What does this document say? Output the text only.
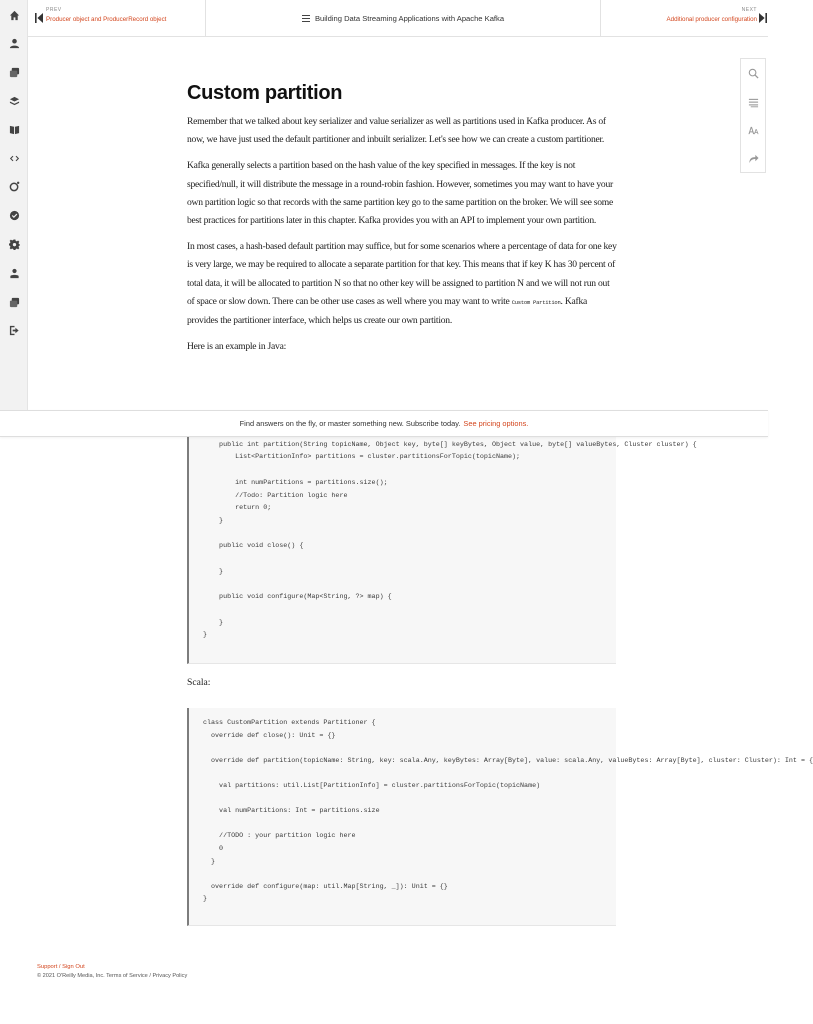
PREV
Producer object and ProducerRecord object	Building Data Streaming Applications with Apache Kafka
NEXT
Additional producer configuration
Custom partition

Remember that we talked about key serializer and value serializer as well as partitions used in Kafka producer. As of now, we have just used the default partitioner and inbuilt serializer. Let's see how we can create a custom partitioner.

Kafka generally selects a partition based on the hash value of the key specified in messages. If the key is not specified/null, it will distribute the message in a round-robin fashion. However, sometimes you may want to have your own partition logic so that records with the same partition key go to the same partition on the broker. We will see some best practices for partitions later in this chapter. Kafka provides you with an API to implement your own partition.

In most cases, a hash-based default partition may suffice, but for some scenarios where a percentage of data for one key is very large, we may be required to allocate a separate partition for that key. This means that if key K has 30 percent of total data, it will be allocated to partition N so that no other key will be assigned to partition N and we will not run out of space or slow down. There can be other use cases as well where you may want to write Custom Partition. Kafka provides the partitioner interface, which helps us create our own partition.

Here is an example in Java:

Find answers on the fly, or master something new. Subscribe today. See pricing options.

public int partition(String topicName, Object key, byte[] keyBytes, Object value, byte[] valueBytes, Cluster cluster) {
List<PartitionInfo> partitions = cluster.partitionsForTopic(topicName);

int numPartitions = partitions.size();
//Todo: Partition logic here
return 0;
}

public void close() {

}

public void configure(Map<String, ?> map) {

}
}
Scala:
class CustomPartition extends Partitioner {
override def close(): Unit = {}

override def partition(topicName: String, key: scala.Any, keyBytes: Array[Byte], value: scala.Any, valueBytes: Array[Byte], cluster: Cluster): Int = {

val partitions: util.List[PartitionInfo] = cluster.partitionsForTopic(topicName)

val numPartitions: Int = partitions.size

//TODO : your partition logic here
0
}

override def configure(map: util.Map[String, _]): Unit = {}
}
Support / Sign Out
© 2021 O'Reilly Media, Inc. Terms of Service / Privacy Policy
